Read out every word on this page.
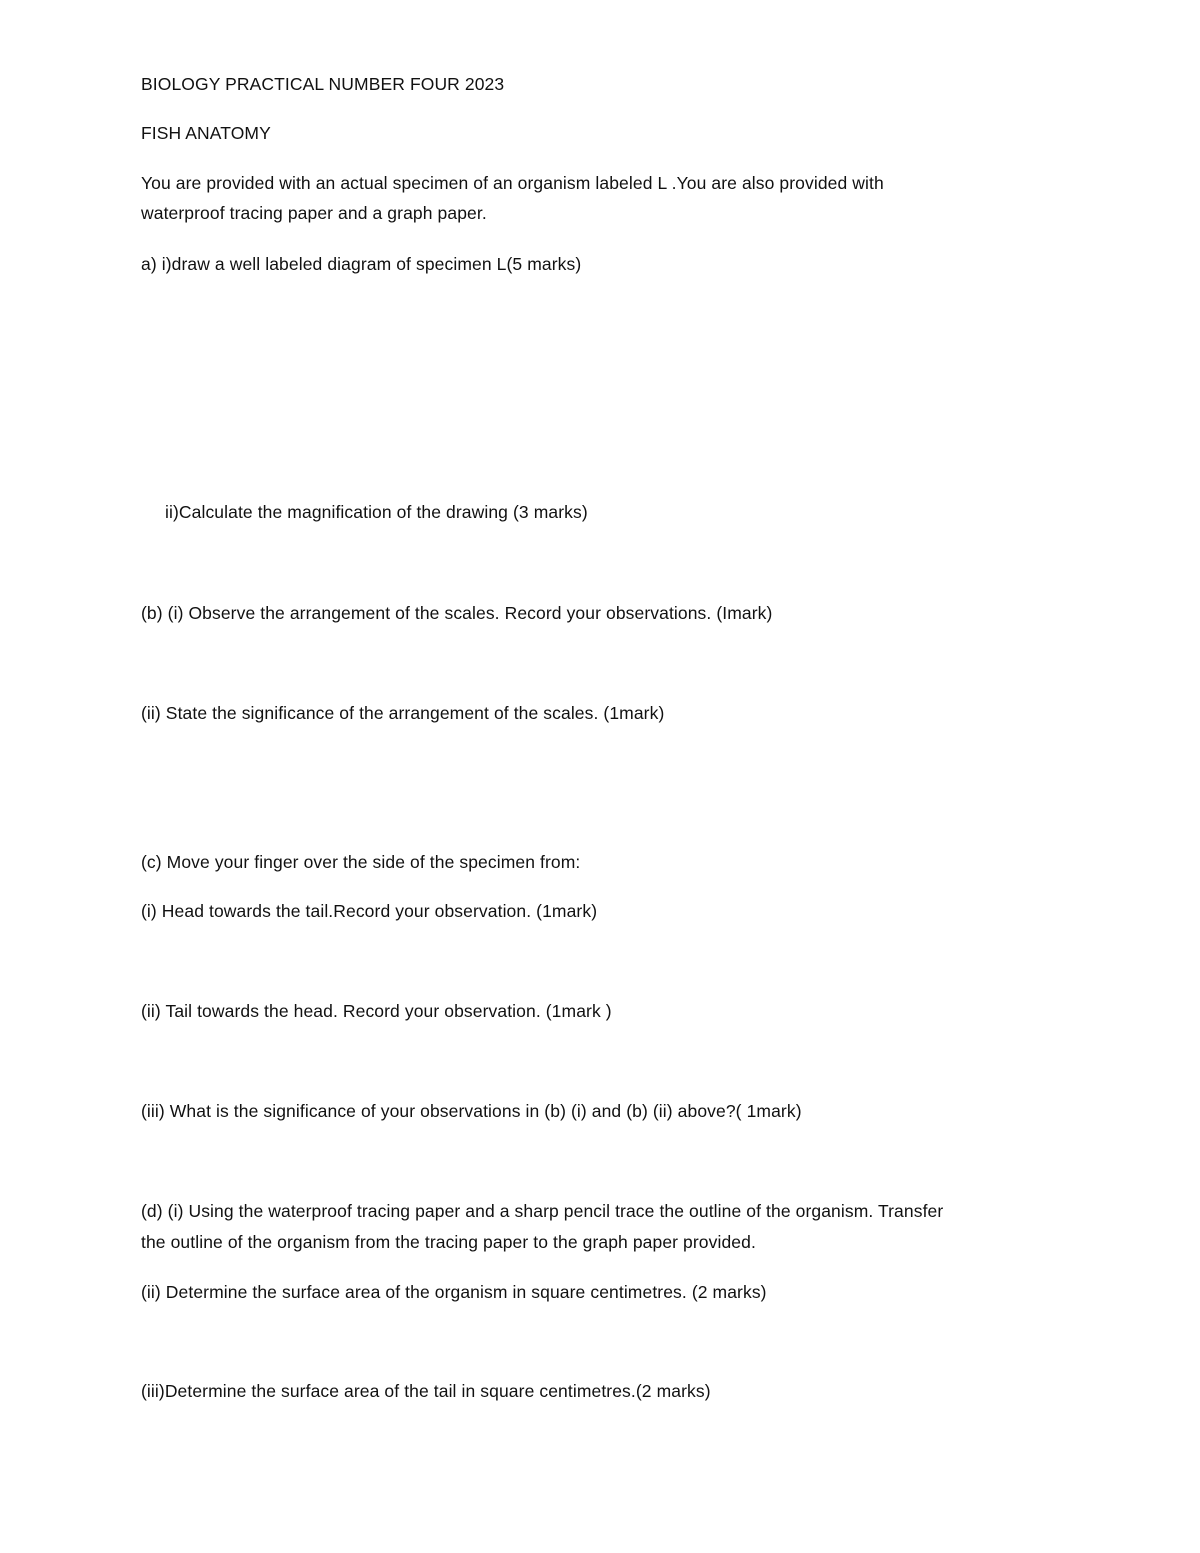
BIOLOGY PRACTICAL NUMBER FOUR 2023
FISH ANATOMY
You are provided with an actual specimen of an organism labeled L .You are also provided with
waterproof tracing paper and a graph paper.
a) i)draw a well labeled diagram of specimen L(5 marks)
ii)Calculate the magnification of the drawing (3 marks)
(b) (i) Observe the arrangement of the scales. Record your observations. (Imark)
(ii) State the significance of the arrangement of the scales. (1mark)
(c) Move your finger over the side of the specimen from:
(i) Head towards the tail.Record your observation. (1mark)
(ii) Tail towards the head. Record your observation. (1mark )
(iii) What is the significance of your observations in (b) (i) and (b) (ii) above?( 1mark)
(d) (i) Using the waterproof tracing paper and a sharp pencil trace the outline of the organism. Transfer
the outline of the organism from the tracing paper to the graph paper provided.
(ii) Determine the surface area of the organism in square centimetres. (2 marks)
(iii)Determine the surface area of the tail in square centimetres.(2 marks)
